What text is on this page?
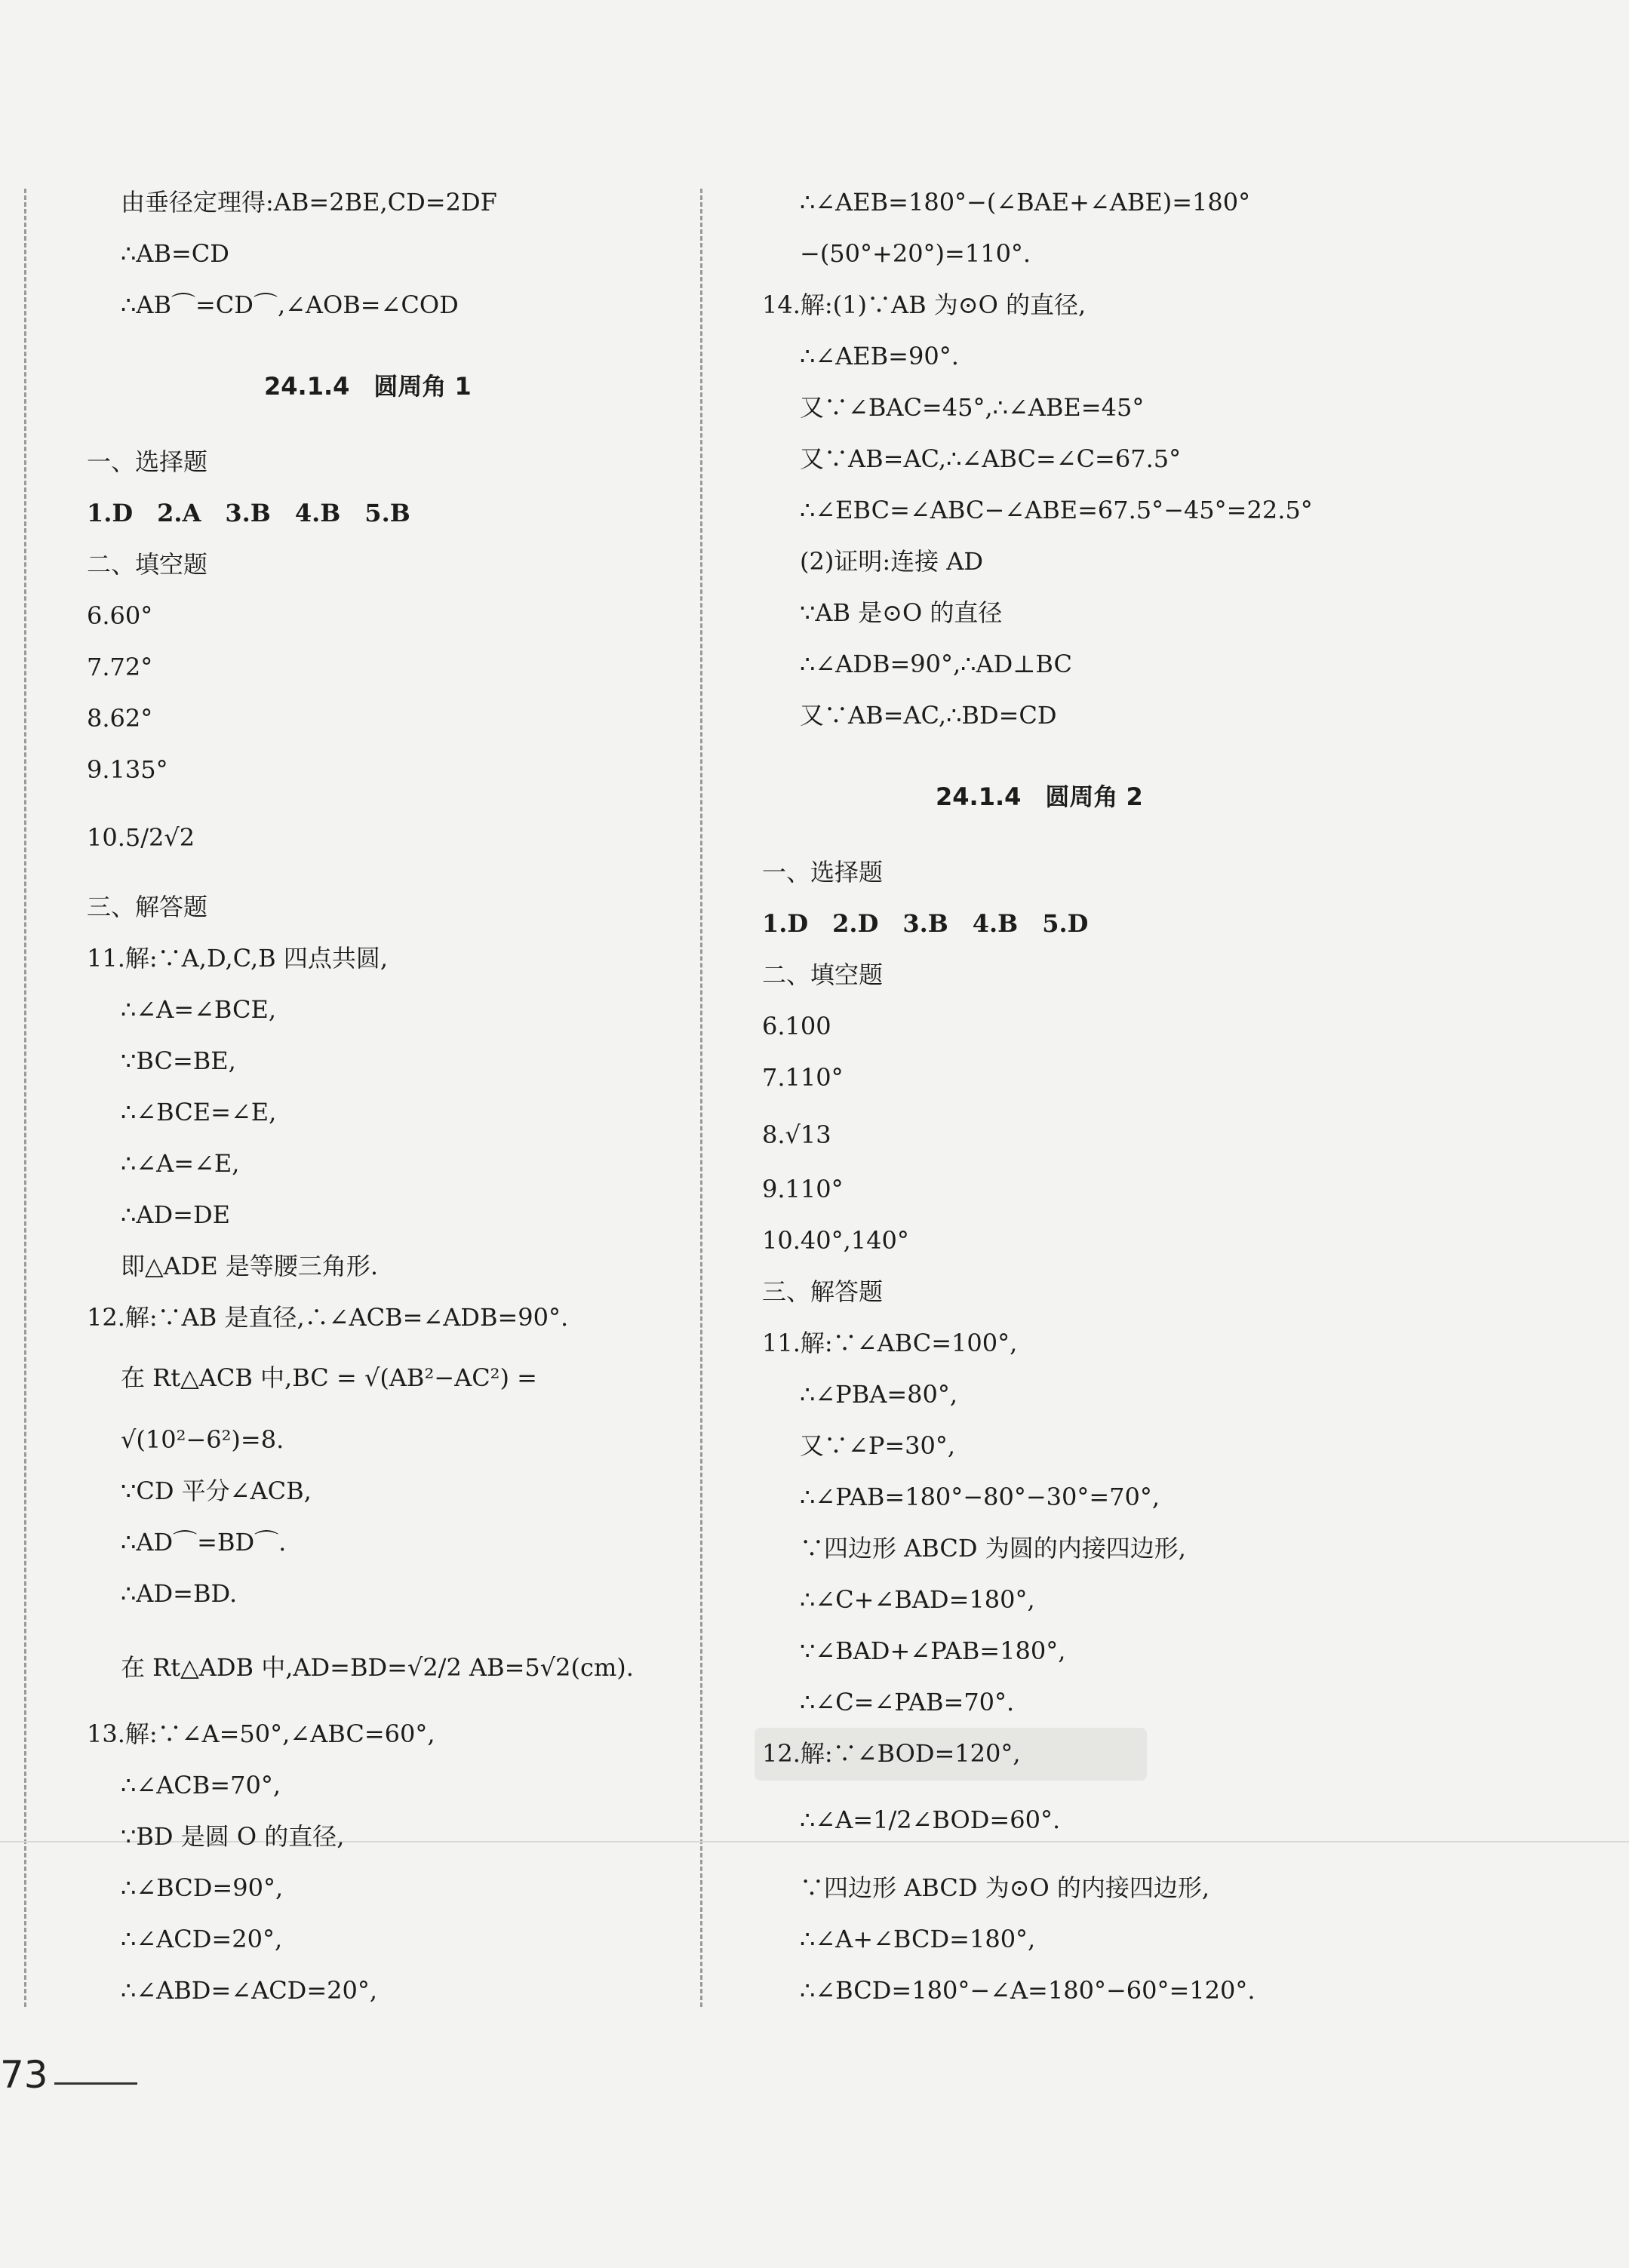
由垂径定理得:AB=2BE,CD=2DF
∴AB=CD
∴AB⌒=CD⌒,∠AOB=∠COD
24.1.4　圆周角 1
一、选择题
1.D　2.A　3.B　4.B　5.B
二、填空题
6.60°
7.72°
8.62°
9.135°
10.5/2√2
三、解答题
11.解:∵A,D,C,B 四点共圆,
∴∠A=∠BCE,
∵BC=BE,
∴∠BCE=∠E,
∴∠A=∠E,
∴AD=DE
即△ADE 是等腰三角形.
12.解:∵AB 是直径,∴∠ACB=∠ADB=90°.
在 Rt△ACB 中,BC = √(AB²−AC²) =
√(10²−6²)=8.
∵CD 平分∠ACB,
∴AD⌒=BD⌒.
∴AD=BD.
在 Rt△ADB 中,AD=BD=√2/2 AB=5√2(cm).
13.解:∵∠A=50°,∠ABC=60°,
∴∠ACB=70°,
∵BD 是圆 O 的直径,
∴∠BCD=90°,
∴∠ACD=20°,
∴∠ABD=∠ACD=20°,
∴∠AEB=180°−(∠BAE+∠ABE)=180°
−(50°+20°)=110°.
14.解:(1)∵AB 为⊙O 的直径,
∴∠AEB=90°.
又∵∠BAC=45°,∴∠ABE=45°
又∵AB=AC,∴∠ABC=∠C=67.5°
∴∠EBC=∠ABC−∠ABE=67.5°−45°=22.5°
(2)证明:连接 AD
∵AB 是⊙O 的直径
∴∠ADB=90°,∴AD⊥BC
又∵AB=AC,∴BD=CD
24.1.4　圆周角 2
一、选择题
1.D　2.D　3.B　4.B　5.D
二、填空题
6.100
7.110°
8.√13
9.110°
10.40°,140°
三、解答题
11.解:∵∠ABC=100°,
∴∠PBA=80°,
又∵∠P=30°,
∴∠PAB=180°−80°−30°=70°,
∵四边形 ABCD 为圆的内接四边形,
∴∠C+∠BAD=180°,
∵∠BAD+∠PAB=180°,
∴∠C=∠PAB=70°.
12.解:∵∠BOD=120°,
∴∠A=1/2∠BOD=60°.
∵四边形 ABCD 为⊙O 的内接四边形,
∴∠A+∠BCD=180°,
∴∠BCD=180°−∠A=180°−60°=120°.
73
